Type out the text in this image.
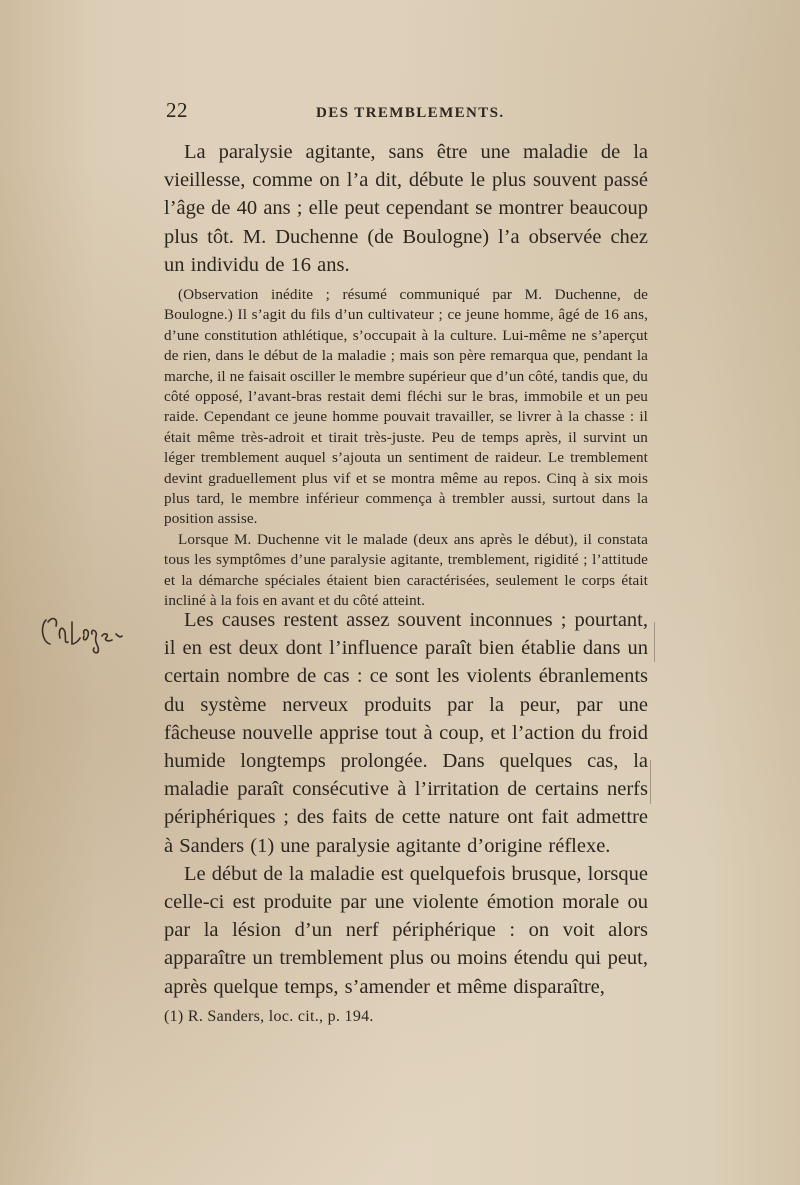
22	DES TREMBLEMENTS.

La paralysie agitante, sans être une maladie de la vieillesse, comme on l’a dit, débute le plus souvent passé l’âge de 40 ans ; elle peut cependant se montrer beaucoup plus tôt. M. Duchenne (de Boulogne) l’a observée chez un individu de 16 ans.

(Observation inédite ; résumé communiqué par M. Duchenne, de Boulogne.) Il s’agit du fils d’un cultivateur ; ce jeune homme, âgé de 16 ans, d’une constitution athlétique, s’occupait à la culture. Lui-même ne s’aperçut de rien, dans le début de la maladie ; mais son père remarqua que, pendant la marche, il ne faisait osciller le membre supérieur que d’un côté, tandis que, du côté opposé, l’avant-bras restait demi fléchi sur le bras, immobile et un peu raide. Cependant ce jeune homme pouvait travailler, se livrer à la chasse : il était même très-adroit et tirait très-juste. Peu de temps après, il survint un léger tremblement auquel s’ajouta un sentiment de raideur. Le tremblement devint graduellement plus vif et se montra même au repos. Cinq à six mois plus tard, le membre inférieur commença à trembler aussi, surtout dans la position assise.

Lorsque M. Duchenne vit le malade (deux ans après le début), il constata tous les symptômes d’une paralysie agitante, tremblement, rigidité ; l’attitude et la démarche spéciales étaient bien caractérisées, seulement le corps était incliné à la fois en avant et du côté atteint.

Les causes restent assez souvent inconnues ; pourtant, il en est deux dont l’influence paraît bien établie dans un certain nombre de cas : ce sont les violents ébranlements du système nerveux produits par la peur, par une fâcheuse nouvelle apprise tout à coup, et l’action du froid humide longtemps prolongée. Dans quelques cas, la maladie paraît consécutive à l’irritation de certains nerfs périphériques ; des faits de cette nature ont fait admettre à Sanders (1) une paralysie agitante d’origine réflexe.

Le début de la maladie est quelquefois brusque, lorsque celle-ci est produite par une violente émotion morale ou par la lésion d’un nerf périphérique : on voit alors apparaître un tremblement plus ou moins étendu qui peut, après quelque temps, s’amender et même disparaître,

(1) R. Sanders, loc. cit., p. 194.
